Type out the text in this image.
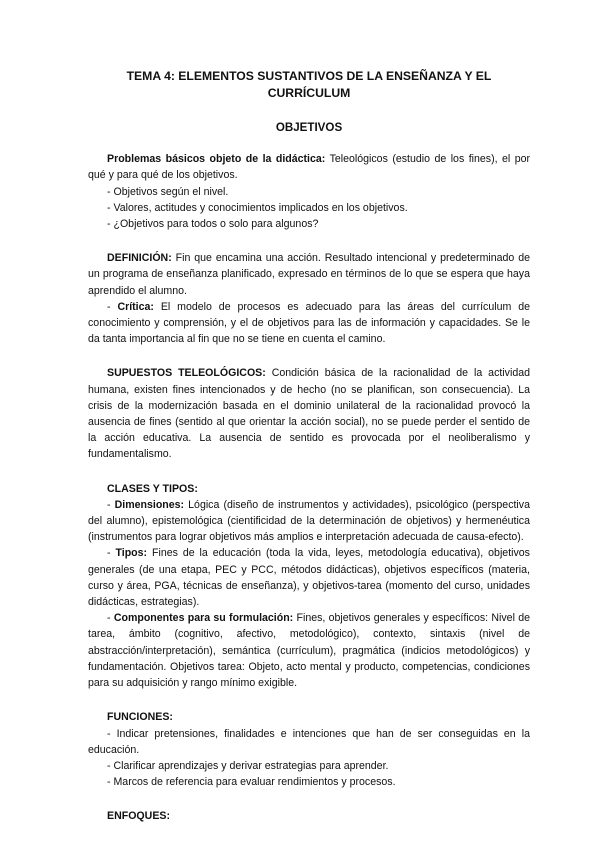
TEMA 4: ELEMENTOS SUSTANTIVOS DE LA ENSEÑANZA Y EL CURRÍCULUM
OBJETIVOS

Problemas básicos objeto de la didáctica: Teleológicos (estudio de los fines), el por qué y para qué de los objetivos.

- Objetivos según el nivel.

- Valores, actitudes y conocimientos implicados en los objetivos.

- ¿Objetivos para todos o solo para algunos?

DEFINICIÓN: Fin que encamina una acción. Resultado intencional y predeterminado de un programa de enseñanza planificado, expresado en términos de lo que se espera que haya aprendido el alumno.

- Crítica: El modelo de procesos es adecuado para las áreas del currículum de conocimiento y comprensión, y el de objetivos para las de información y capacidades. Se le da tanta importancia al fin que no se tiene en cuenta el camino.

SUPUESTOS TELEOLÓGICOS: Condición básica de la racionalidad de la actividad humana, existen fines intencionados y de hecho (no se planifican, son consecuencia). La crisis de la modernización basada en el dominio unilateral de la racionalidad provocó la ausencia de fines (sentido al que orientar la acción social), no se puede perder el sentido de la acción educativa. La ausencia de sentido es provocada por el neoliberalismo y fundamentalismo.

CLASES Y TIPOS:

- Dimensiones: Lógica (diseño de instrumentos y actividades), psicológico (perspectiva del alumno), epistemológica (cientificidad de la determinación de objetivos) y hermenéutica (instrumentos para lograr objetivos más amplios e interpretación adecuada de causa-efecto).

- Tipos: Fines de la educación (toda la vida, leyes, metodología educativa), objetivos generales (de una etapa, PEC y PCC, métodos didácticas), objetivos específicos (materia, curso y área, PGA, técnicas de enseñanza), y objetivos-tarea (momento del curso, unidades didácticas, estrategias).

- Componentes para su formulación: Fines, objetivos generales y específicos: Nivel de tarea, ámbito (cognitivo, afectivo, metodológico), contexto, sintaxis (nivel de abstracción/interpretación), semántica (currículum), pragmática (indicios metodológicos) y fundamentación. Objetivos tarea: Objeto, acto mental y producto, competencias, condiciones para su adquisición y rango mínimo exigible.

FUNCIONES:

- Indicar pretensiones, finalidades e intenciones que han de ser conseguidas en la educación.

- Clarificar aprendizajes y derivar estrategias para aprender.

- Marcos de referencia para evaluar rendimientos y procesos.

ENFOQUES:
